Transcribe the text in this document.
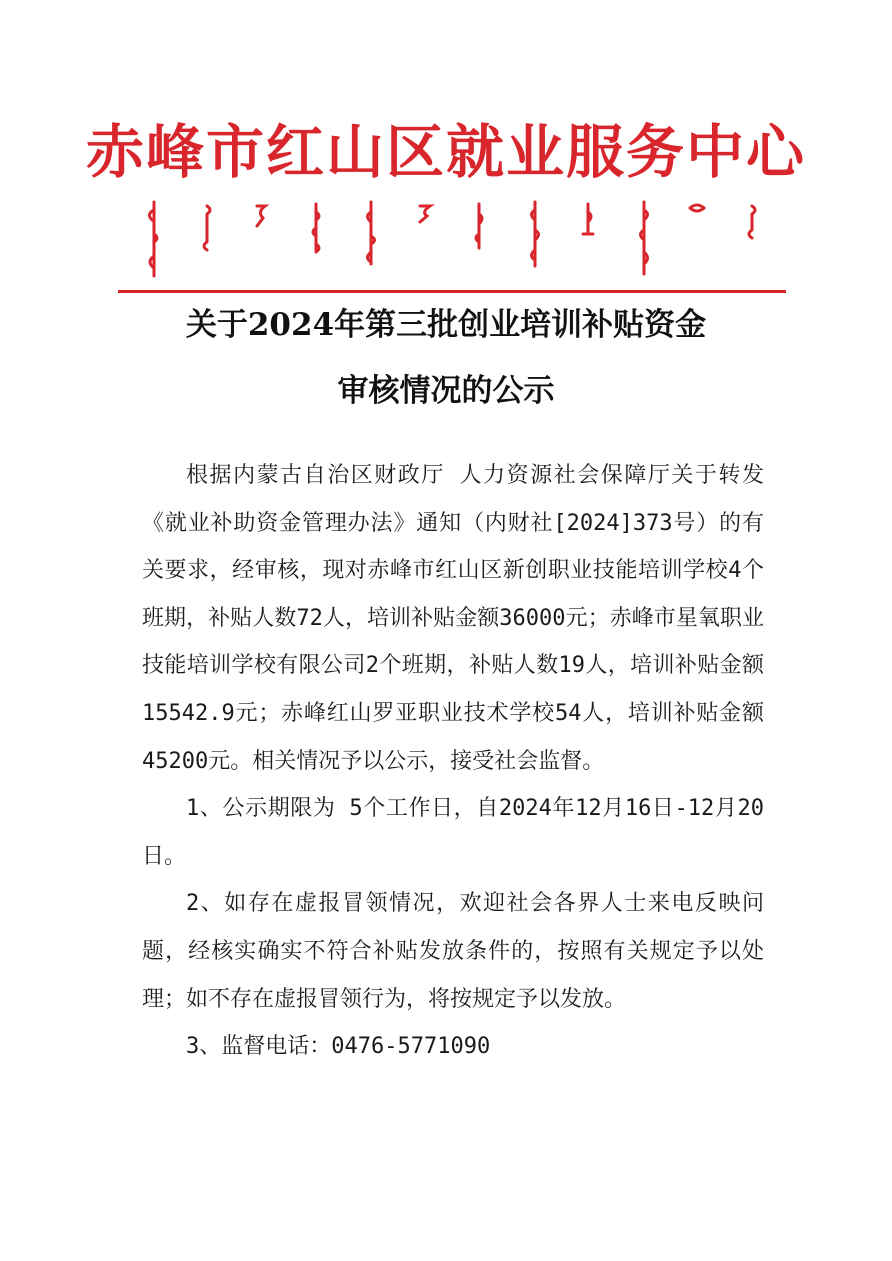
赤峰市红山区就业服务中心
关于2024年第三批创业培训补贴资金
审核情况的公示

根据内蒙古自治区财政厅 人力资源社会保障厅关于转发《就业补助资金管理办法》通知（内财社[2024]373号）的有关要求，经审核，现对赤峰市红山区新创职业技能培训学校4个班期，补贴人数72人，培训补贴金额36000元；赤峰市星氧职业技能培训学校有限公司2个班期，补贴人数19人，培训补贴金额15542.9元；赤峰红山罗亚职业技术学校54人，培训补贴金额45200元。相关情况予以公示，接受社会监督。

1、公示期限为 5个工作日，自2024年12月16日-12月20日。

2、如存在虚报冒领情况，欢迎社会各界人士来电反映问题，经核实确实不符合补贴发放条件的，按照有关规定予以处理；如不存在虚报冒领行为，将按规定予以发放。

3、监督电话：0476-5771090
